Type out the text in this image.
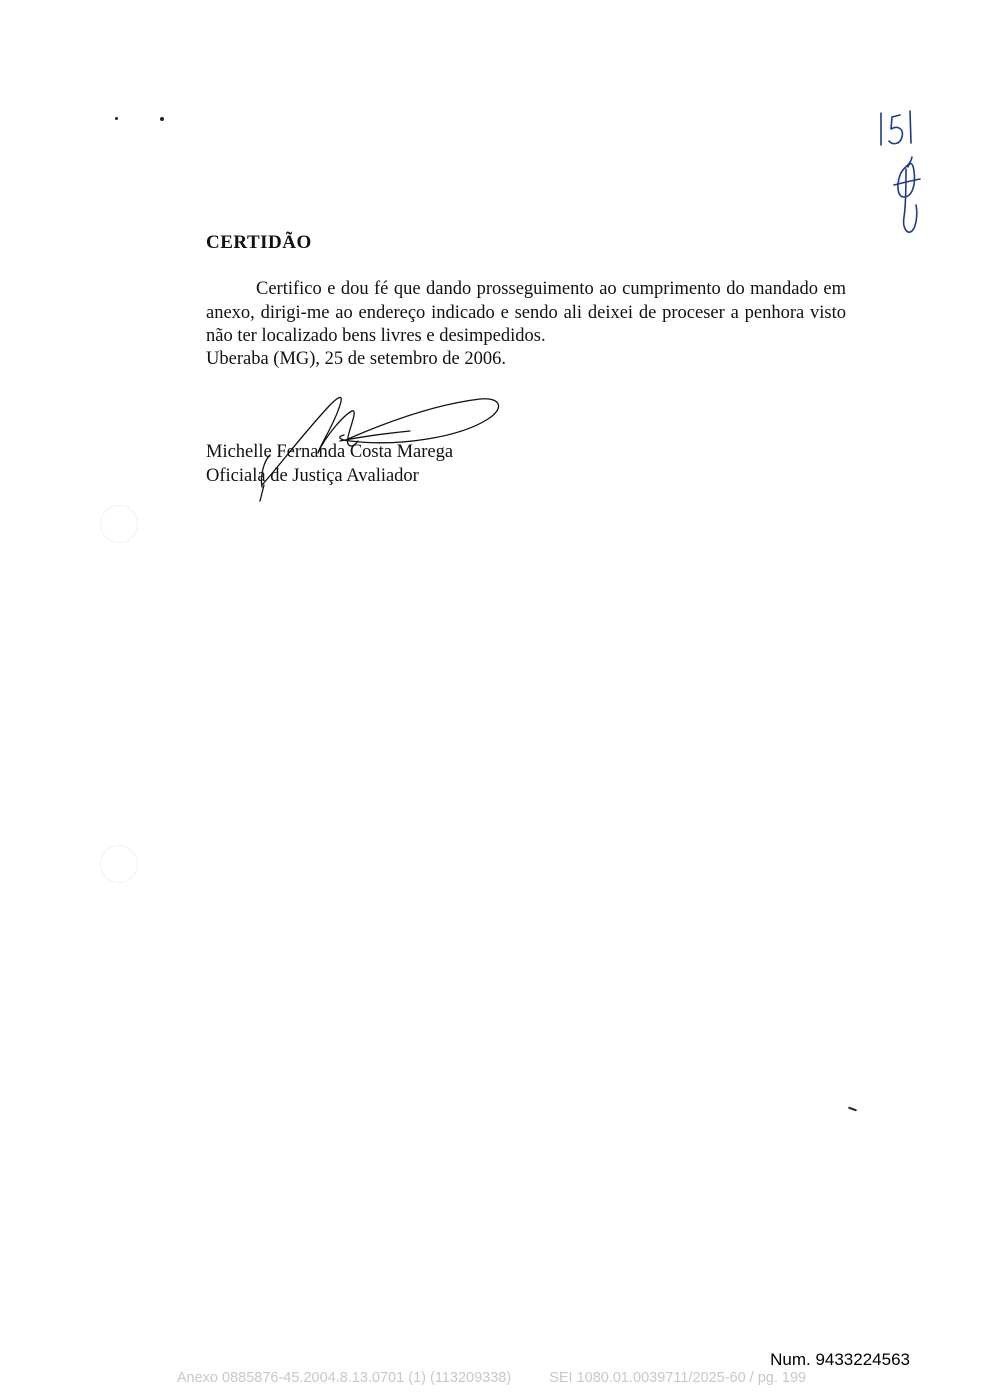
CERTIDÃO
Certifico e dou fé que dando prosseguimento ao cumprimento do mandado em anexo, dirigi-me ao endereço indicado e sendo ali deixei de proceser a penhora visto não ter localizado bens livres e desimpedidos.
Uberaba (MG), 25 de setembro de 2006.
Michelle Fernanda Costa Marega
Oficiala de Justiça Avaliador
Num. 9433224563
Anexo 0885876-45.2004.8.13.0701 (1) (113209338)	SEI 1080.01.0039711/2025-60 / pg. 199
